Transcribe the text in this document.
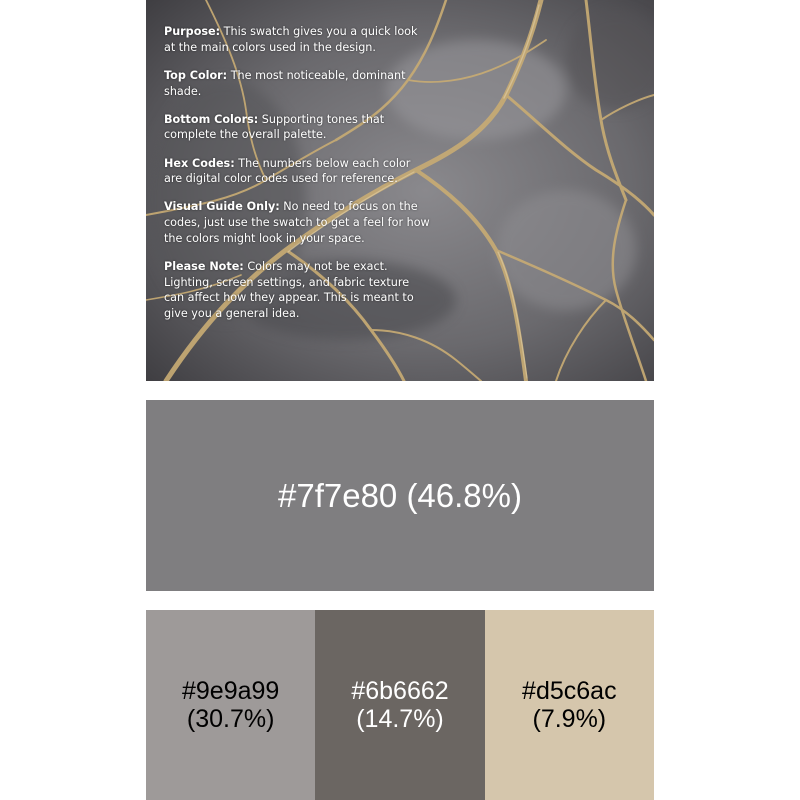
Purpose: This swatch gives you a quick look at the main colors used in the design.

Top Color: The most noticeable, dominant shade.

Bottom Colors: Supporting tones that complete the overall palette.

Hex Codes: The numbers below each color are digital color codes used for reference.

Visual Guide Only: No need to focus on the codes, just use the swatch to get a feel for how the colors might look in your space.

Please Note: Colors may not be exact. Lighting, screen settings, and fabric texture can affect how they appear. This is meant to give you a general idea.

#7f7e80 (46.8%)
#9e9a99
(30.7%)
#6b6662
(14.7%)
#d5c6ac
(7.9%)
